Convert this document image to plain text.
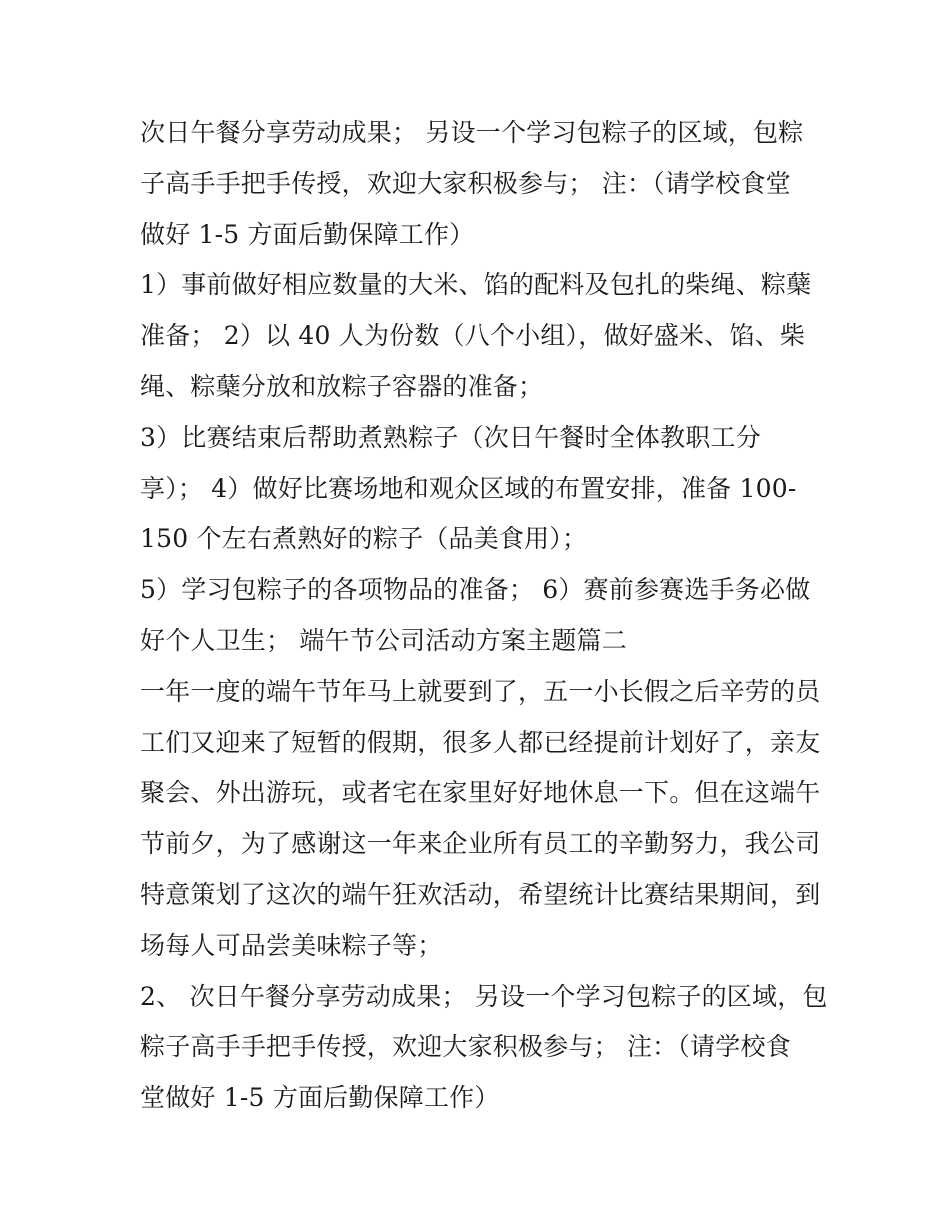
次日午餐分享劳动成果； 另设一个学习包粽子的区域，包粽
子高手手把手传授，欢迎大家积极参与； 注：（请学校食堂
做好 1-5 方面后勤保障工作）
1）事前做好相应数量的大米、馅的配料及包扎的柴绳、粽蘖
准备； 2）以 40 人为份数（八个小组），做好盛米、馅、柴
绳、粽蘖分放和放粽子容器的准备；
3）比赛结束后帮助煮熟粽子（次日午餐时全体教职工分
享）； 4）做好比赛场地和观众区域的布置安排，准备 100-
150 个左右煮熟好的粽子（品美食用）；
5）学习包粽子的各项物品的准备； 6）赛前参赛选手务必做
好个人卫生； 端午节公司活动方案主题篇二
一年一度的端午节年马上就要到了，五一小长假之后辛劳的员
工们又迎来了短暂的假期，很多人都已经提前计划好了，亲友
聚会、外出游玩，或者宅在家里好好地休息一下。但在这端午
节前夕，为了感谢这一年来企业所有员工的辛勤努力，我公司
特意策划了这次的端午狂欢活动，希望统计比赛结果期间，到
场每人可品尝美味粽子等；
2、 次日午餐分享劳动成果； 另设一个学习包粽子的区域，包
粽子高手手把手传授，欢迎大家积极参与； 注：（请学校食
堂做好 1-5 方面后勤保障工作）
